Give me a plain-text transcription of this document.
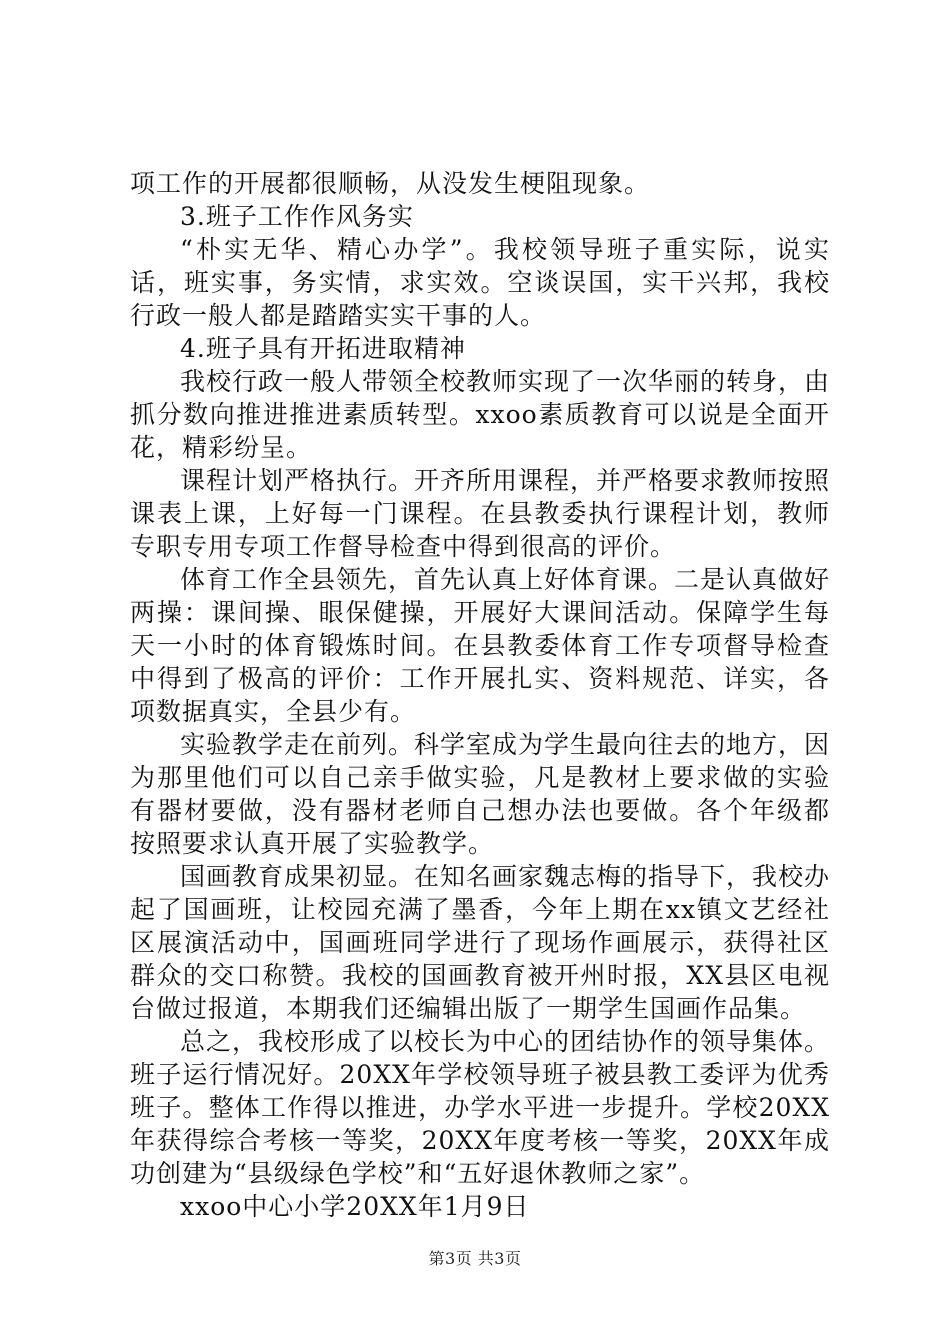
项工作的开展都很顺畅，从没发生梗阻现象。

3.班子工作作风务实

“朴实无华、精心办学”。我校领导班子重实际，说实话，班实事，务实情，求实效。空谈误国，实干兴邦，我校行政一般人都是踏踏实实干事的人。

4.班子具有开拓进取精神

我校行政一般人带领全校教师实现了一次华丽的转身，由抓分数向推进推进素质转型。xxoo素质教育可以说是全面开花，精彩纷呈。

课程计划严格执行。开齐所用课程，并严格要求教师按照课表上课，上好每一门课程。在县教委执行课程计划，教师专职专用专项工作督导检查中得到很高的评价。

体育工作全县领先，首先认真上好体育课。二是认真做好两操：课间操、眼保健操，开展好大课间活动。保障学生每天一小时的体育锻炼时间。在县教委体育工作专项督导检查中得到了极高的评价：工作开展扎实、资料规范、详实，各项数据真实，全县少有。

实验教学走在前列。科学室成为学生最向往去的地方，因为那里他们可以自己亲手做实验，凡是教材上要求做的实验有器材要做，没有器材老师自己想办法也要做。各个年级都按照要求认真开展了实验教学。

国画教育成果初显。在知名画家魏志梅的指导下，我校办起了国画班，让校园充满了墨香，今年上期在xx镇文艺经社区展演活动中，国画班同学进行了现场作画展示，获得社区群众的交口称赞。我校的国画教育被开州时报，XX县区电视台做过报道，本期我们还编辑出版了一期学生国画作品集。

总之，我校形成了以校长为中心的团结协作的领导集体。班子运行情况好。20XX年学校领导班子被县教工委评为优秀班子。整体工作得以推进，办学水平进一步提升。学校20XX年获得综合考核一等奖，20XX年度考核一等奖，20XX年成功创建为“县级绿色学校”和“五好退休教师之家”。

xxoo中心小学20XX年1月9日

第3页 共3页
